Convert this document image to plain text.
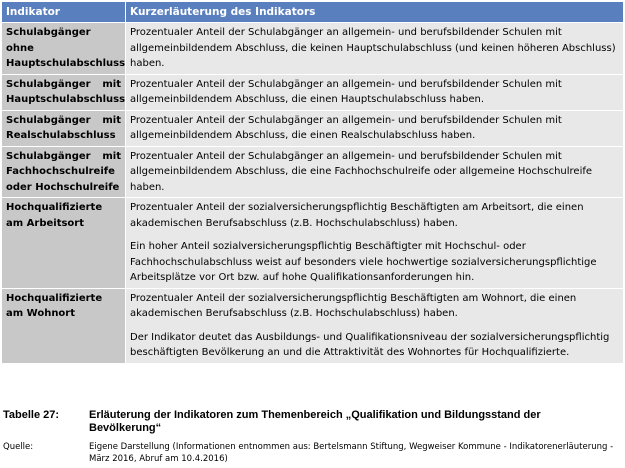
Indikator	Kurzerläuterung des Indikators
Schulabgänger ohne Hauptschulabschluss	Prozentualer Anteil der Schulabgänger an allgemein- und berufsbildender Schulen mit allgemeinbildendem Abschluss, die keinen Hauptschulabschluss (und keinen höheren Abschluss) haben.

Schulabgänger mit Hauptschulabschluss	Prozentualer Anteil der Schulabgänger an allgemein- und berufsbildender Schulen mit allgemeinbildendem Abschluss, die einen Hauptschulabschluss haben.

Schulabgänger mit Realschulabschluss	Prozentualer Anteil der Schulabgänger an allgemein- und berufsbildender Schulen mit allgemeinbildendem Abschluss, die einen Realschulabschluss haben.

Schulabgänger mit Fachhochschulreife oder Hochschulreife	Prozentualer Anteil der Schulabgänger an allgemein- und berufsbildender Schulen mit allgemeinbildendem Abschluss, die eine Fachhochschulreife oder allgemeine Hochschulreife haben.

Hochqualifizierte am Arbeitsort	Prozentualer Anteil der sozialversicherungspflichtig Beschäftigten am Arbeitsort, die einen akademischen Berufsabschluss (z.B. Hochschulabschluss) haben.

Ein hoher Anteil sozialversicherungspflichtig Beschäftigter mit Hochschul- oder Fachhochschulabschluss weist auf besonders viele hochwertige sozialversicherungspflichtige Arbeitsplätze vor Ort bzw. auf hohe Qualifikationsanforderungen hin.

Hochqualifizierte am Wohnort	Prozentualer Anteil der sozialversicherungspflichtig Beschäftigten am Wohnort, die einen akademischen Berufsabschluss (z.B. Hochschulabschluss) haben.

Der Indikator deutet das Ausbildungs- und Qualifikationsniveau der sozialversicherungspflichtig beschäftigten Bevölkerung an und die Attraktivität des Wohnortes für Hochqualifizierte.

Tabelle 27:	Erläuterung der Indikatoren zum Themenbereich „Qualifikation und Bildungsstand der Bevölkerung“
Quelle:	Eigene Darstellung (Informationen entnommen aus: Bertelsmann Stiftung, Wegweiser Kommune - Indikatorenerläuterung - März 2016, Abruf am 10.4.2016)
